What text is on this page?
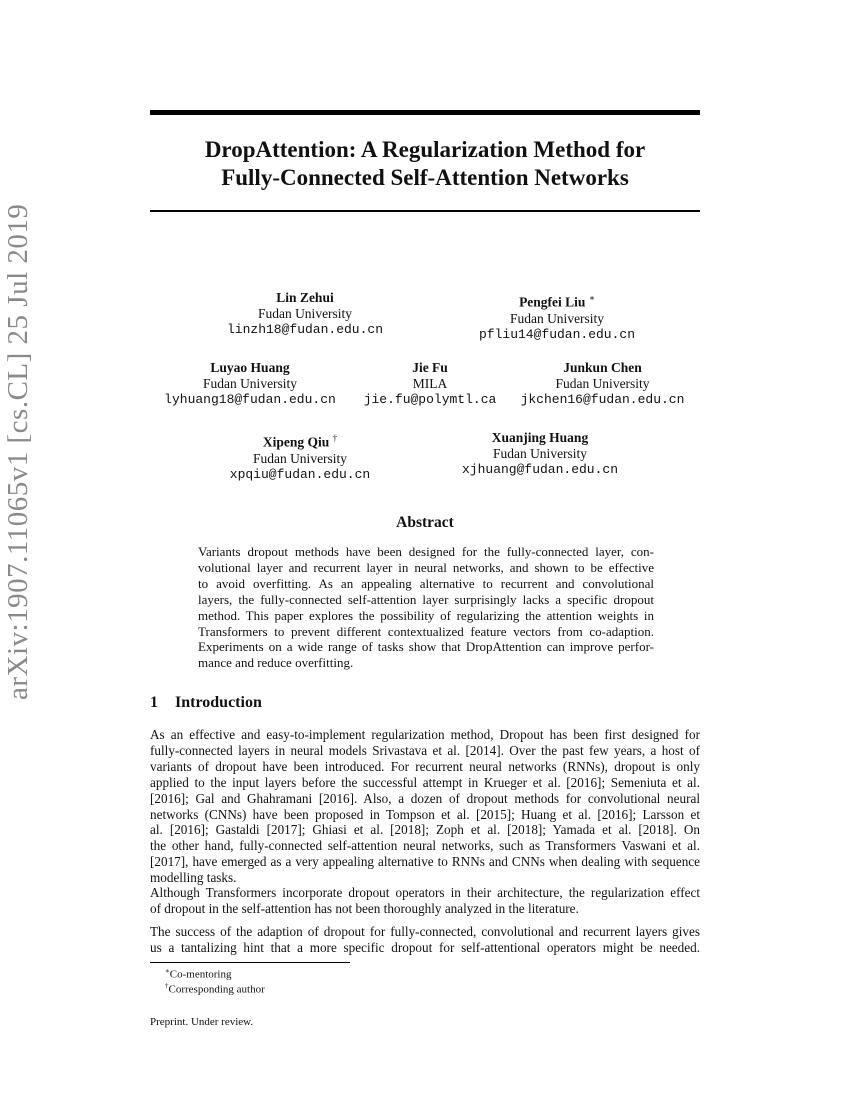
arXiv:1907.11065v1 [cs.CL] 25 Jul 2019
DropAttention: A Regularization Method for
Fully-Connected Self-Attention Networks
Lin Zehui
Fudan University
linzh18@fudan.edu.cn
Pengfei Liu ∗
Fudan University
pfliu14@fudan.edu.cn
Luyao Huang
Fudan University
lyhuang18@fudan.edu.cn
Jie Fu
MILA
jie.fu@polymtl.ca
Junkun Chen
Fudan University
jkchen16@fudan.edu.cn
Xipeng Qiu †
Fudan University
xpqiu@fudan.edu.cn
Xuanjing Huang
Fudan University
xjhuang@fudan.edu.cn
Abstract
Variants dropout methods have been designed for the fully-connected layer, con-
volutional layer and recurrent layer in neural networks, and shown to be effective
to avoid overfitting. As an appealing alternative to recurrent and convolutional
layers, the fully-connected self-attention layer surprisingly lacks a specific dropout
method. This paper explores the possibility of regularizing the attention weights in
Transformers to prevent different contextualized feature vectors from co-adaption.
Experiments on a wide range of tasks show that DropAttention can improve perfor-
mance and reduce overfitting.
1 Introduction
As an effective and easy-to-implement regularization method, Dropout has been first designed for
fully-connected layers in neural models Srivastava et al. [2014]. Over the past few years, a host of
variants of dropout have been introduced. For recurrent neural networks (RNNs), dropout is only
applied to the input layers before the successful attempt in Krueger et al. [2016]; Semeniuta et al.
[2016]; Gal and Ghahramani [2016]. Also, a dozen of dropout methods for convolutional neural
networks (CNNs) have been proposed in Tompson et al. [2015]; Huang et al. [2016]; Larsson et
al. [2016]; Gastaldi [2017]; Ghiasi et al. [2018]; Zoph et al. [2018]; Yamada et al. [2018]. On
the other hand, fully-connected self-attention neural networks, such as Transformers Vaswani et al.
[2017], have emerged as a very appealing alternative to RNNs and CNNs when dealing with sequence
modelling tasks.
Although Transformers incorporate dropout operators in their architecture, the regularization effect
of dropout in the self-attention has not been thoroughly analyzed in the literature.
The success of the adaption of dropout for fully-connected, convolutional and recurrent layers gives
us a tantalizing hint that a more specific dropout for self-attentional operators might be needed.
∗Co-mentoring
†Corresponding author
Preprint. Under review.
